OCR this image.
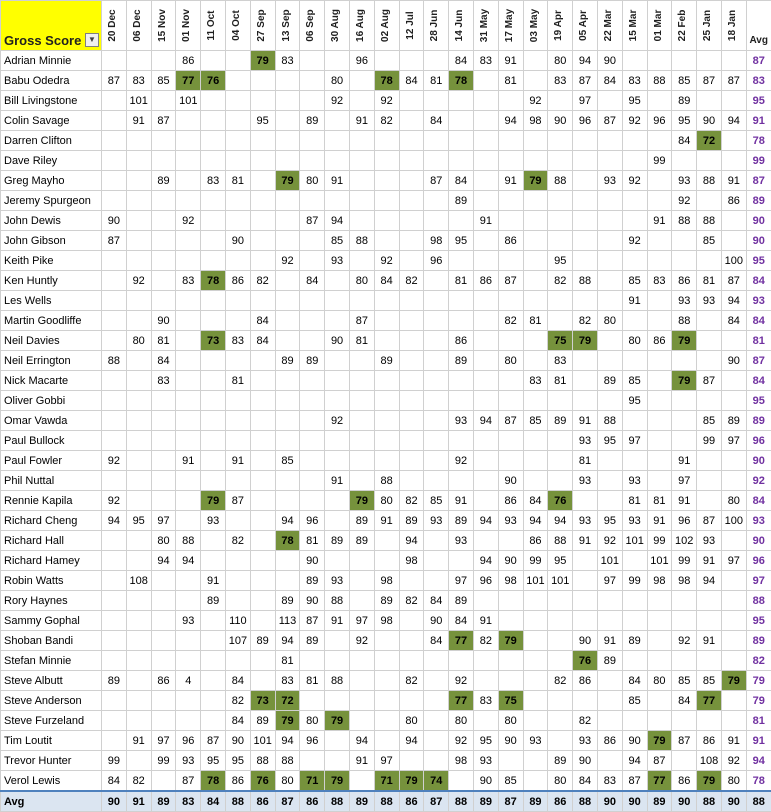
Gross Score ▼	20 Dec	06 Dec	15 Nov	01 Nov	11 Oct	04 Oct	27 Sep	13 Sep	06 Sep	30 Aug	16 Aug	02 Aug	12 Jul	28 Jun	14 Jun	31 May	17 May	03 May	19 Apr	05 Apr	22 Mar	15 Mar	01 Mar	22 Feb	25 Jan	18 Jan	Avg
Adrian Minnie				86			79	83			96				84	83	91		80	94	90						87
Babu Odedra	87	83	85	77	76					80		78	84	81	78		81		83	87	84	83	88	85	87	87	83
Bill Livingstone		101		101						92		92						92		97		95		89			95
Colin Savage		91	87				95		89		91	82		84			94	98	90	96	87	92	96	95	90	94	91
Darren Clifton																								84	72		78
Dave Riley																							99				99
Greg Mayho			89		83	81		79	80	91				87	84		91	79	88		93	92		93	88	91	87
Jeremy Spurgeon															89									92		86	89
John Dewis	90			92					87	94						91							91	88	88		90
John Gibson	87					90				85	88			98	95		86					92			85		90
Keith Pike								92		93		92		96					95							100	95
Ken Huntly		92		83	78	86	82		84		80	84	82		81	86	87		82	88		85	83	86	81	87	84
Les Wells																						91		93	93	94	93
Martin Goodliffe			90				84				87						82	81		82	80			88		84	84
Neil Davies		80	81		73	83	84			90	81				86				75	79		80	86	79			81
Neil Errington	88		84					89	89			89			89		80		83							90	87
Nick Macarte			83			81												83	81		89	85		79	87		84
Oliver Gobbi																						95					95
Omar Vawda										92					93	94	87	85	89	91	88				85	89	89
Paul Bullock																				93	95	97			99	97	96
Paul Fowler	92			91		91		85							92					81				91			90
Phil Nuttal										91		88					90			93		93		97			92
Rennie Kapila	92				79	87					79	80	82	85	91		86	84	76			81	81	91		80	84
Richard Cheng	94	95	97		93			94	96		89	91	89	93	89	94	93	94	94	93	95	93	91	96	87	100	93
Richard Hall			80	88		82		78	81	89	89		94		93			86	88	91	92	101	99	102	93		90
Richard Hamey			94	94					90				98			94	90	99	95		101		101	99	91	97	96
Robin Watts		108			91				89	93		98			97	96	98	101	101		97	99	98	98	94		97
Rory Haynes					89			89	90	88		89	82	84	89												88
Sammy Gophal				93		110		113	87	91	97	98		90	84	91											95
Shoban Bandi						107	89	94	89		92			84	77	82	79			90	91	89		92	91		89
Stefan Minnie								81												76	89						82
Steve Albutt	89		86	4		84		83	81	88			82		92				82	86		84	80	85	85	79	79
Steve Anderson						82	73	72							77	83	75					85		84	77		79
Steve Furzeland						84	89	79	80	79			80		80		80			82							81
Tim Loutit		91	97	96	87	90	101	94	96		94		94		92	95	90	93		93	86	90	79	87	86	91	91
Trevor Hunter	99		99	93	95	95	88	88			91	97			98	93			89	90		94	87		108	92	94
Verol Lewis	84	82		87	78	86	76	80	71	79		71	79	74		90	85		80	84	83	87	77	86	79	80	78
Avg	90	91	89	83	84	88	86	87	86	88	89	88	86	87	88	89	87	89	86	88	90	90	89	90	88	90	88
